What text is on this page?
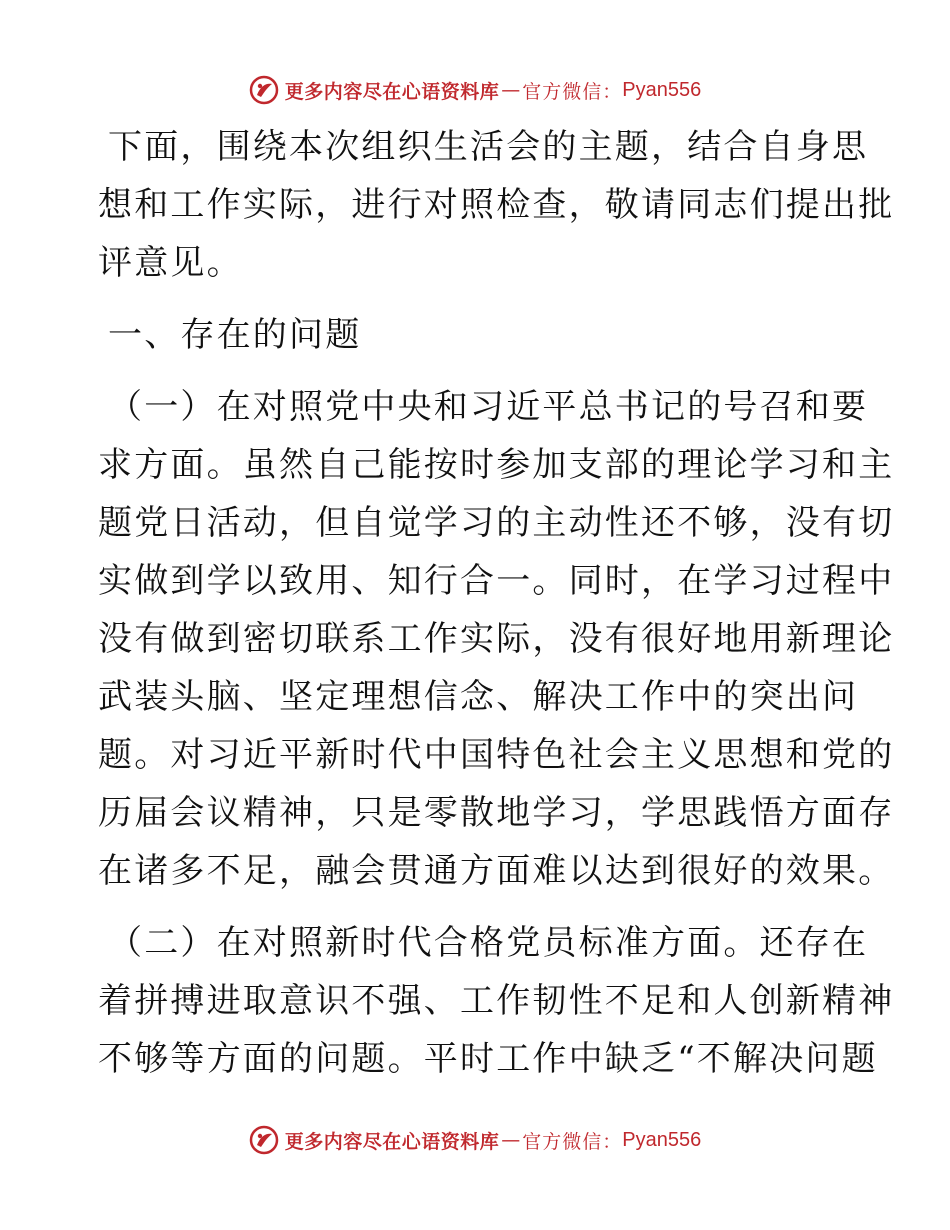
更多内容尽在心语资料库 — 官方微信： Pyan556
下面，围绕本次组织生活会的主题，结合自身思
想和工作实际，进行对照检查，敬请同志们提出批
评意见。
一、存在的问题
（一）在对照党中央和习近平总书记的号召和要
求方面。虽然自己能按时参加支部的理论学习和主
题党日活动，但自觉学习的主动性还不够，没有切
实做到学以致用、知行合一。同时，在学习过程中
没有做到密切联系工作实际，没有很好地用新理论
武装头脑、坚定理想信念、解决工作中的突出问
题。对习近平新时代中国特色社会主义思想和党的
历届会议精神，只是零散地学习，学思践悟方面存
在诸多不足，融会贯通方面难以达到很好的效果。
（二）在对照新时代合格党员标准方面。还存在
着拼搏进取意识不强、工作韧性不足和人创新精神
不够等方面的问题。平时工作中缺乏“不解决问题
更多内容尽在心语资料库 — 官方微信： Pyan556
